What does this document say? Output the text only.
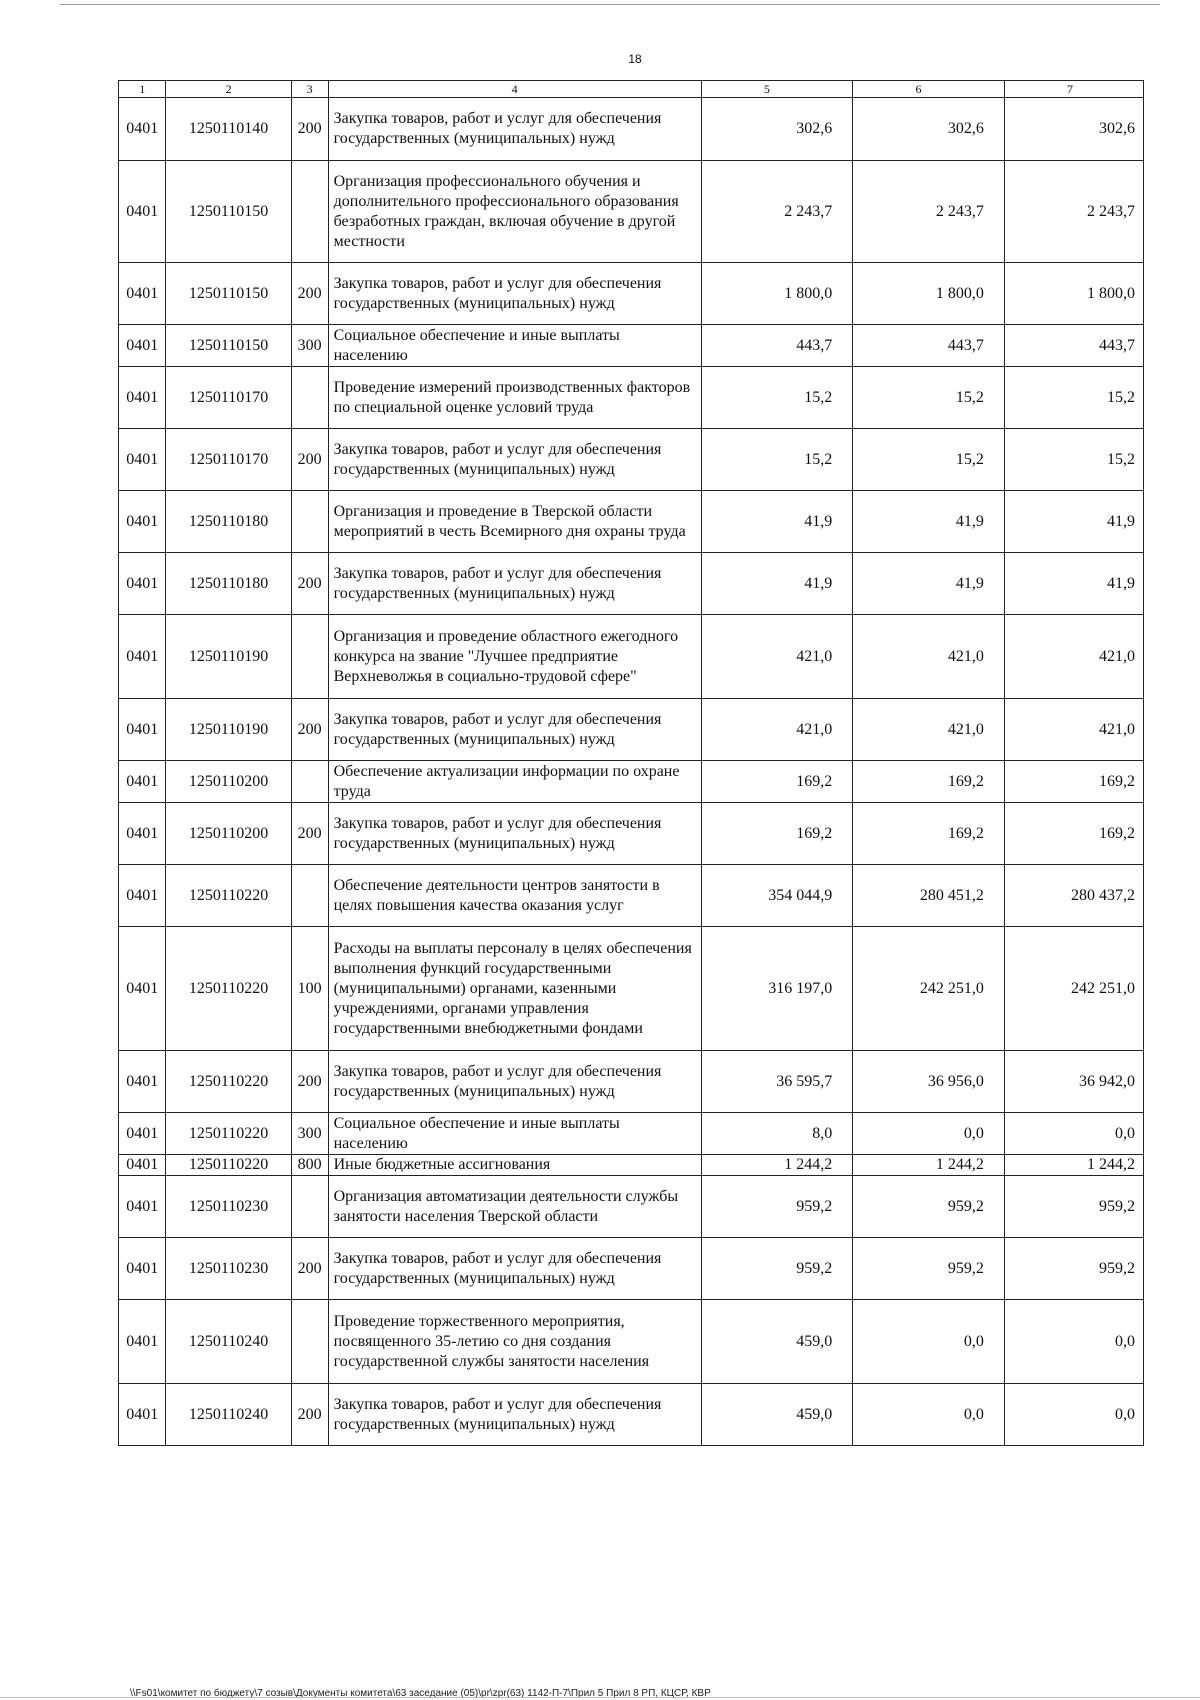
18
1	2	3	4	5	6	7
0401	1250110140	200	Закупка товаров, работ и услуг для обеспечения государственных (муниципальных) нужд	302,6	302,6	302,6
0401	1250110150		Организация профессионального обучения и дополнительного профессионального образования безработных граждан, включая обучение в другой местности	2 243,7	2 243,7	2 243,7
0401	1250110150	200	Закупка товаров, работ и услуг для обеспечения государственных (муниципальных) нужд	1 800,0	1 800,0	1 800,0
0401	1250110150	300	Социальное обеспечение и иные выплаты населению	443,7	443,7	443,7
0401	1250110170		Проведение измерений производственных факторов по специальной оценке условий труда	15,2	15,2	15,2
0401	1250110170	200	Закупка товаров, работ и услуг для обеспечения государственных (муниципальных) нужд	15,2	15,2	15,2
0401	1250110180		Организация и проведение в Тверской области мероприятий в честь Всемирного дня охраны труда	41,9	41,9	41,9
0401	1250110180	200	Закупка товаров, работ и услуг для обеспечения государственных (муниципальных) нужд	41,9	41,9	41,9
0401	1250110190		Организация и проведение областного ежегодного конкурса на звание "Лучшее предприятие Верхневолжья в социально-трудовой сфере"	421,0	421,0	421,0
0401	1250110190	200	Закупка товаров, работ и услуг для обеспечения государственных (муниципальных) нужд	421,0	421,0	421,0
0401	1250110200		Обеспечение актуализации информации по охране труда	169,2	169,2	169,2
0401	1250110200	200	Закупка товаров, работ и услуг для обеспечения государственных (муниципальных) нужд	169,2	169,2	169,2
0401	1250110220		Обеспечение деятельности центров занятости в целях повышения качества оказания услуг	354 044,9	280 451,2	280 437,2
0401	1250110220	100	Расходы на выплаты персоналу в целях обеспечения выполнения функций государственными (муниципальными) органами, казенными учреждениями, органами управления государственными внебюджетными фондами	316 197,0	242 251,0	242 251,0
0401	1250110220	200	Закупка товаров, работ и услуг для обеспечения государственных (муниципальных) нужд	36 595,7	36 956,0	36 942,0
0401	1250110220	300	Социальное обеспечение и иные выплаты населению	8,0	0,0	0,0
0401	1250110220	800	Иные бюджетные ассигнования	1 244,2	1 244,2	1 244,2
0401	1250110230		Организация автоматизации деятельности службы занятости населения Тверской области	959,2	959,2	959,2
0401	1250110230	200	Закупка товаров, работ и услуг для обеспечения государственных (муниципальных) нужд	959,2	959,2	959,2
0401	1250110240		Проведение торжественного мероприятия, посвященного 35-летию со дня создания государственной службы занятости населения	459,0	0,0	0,0
0401	1250110240	200	Закупка товаров, работ и услуг для обеспечения государственных (муниципальных) нужд	459,0	0,0	0,0
\\Fs01\комитет по бюджету\7 созыв\Документы комитета\63 заседание (05)\pr\zpr(63) 1142-П-7\Прил 5 Прил 8 РП, КЦСР, КВР
